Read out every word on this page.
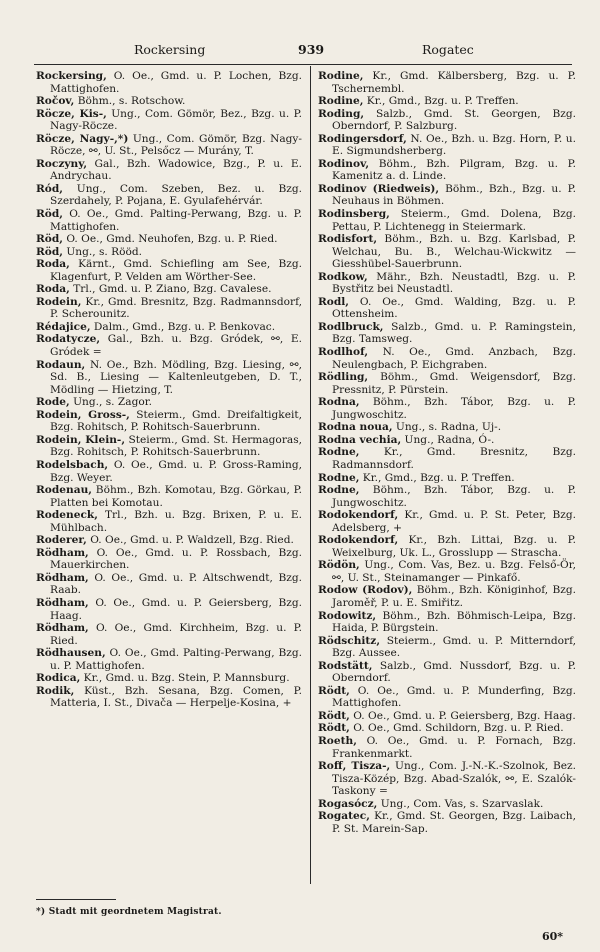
Rockersing	939	Rogatec
Rockersing, O. Oe., Gmd. u. P. Lochen, Bzg. Mattighofen.
Ročov, Böhm., s. Rotschow.
Röcze, Kis-, Ung., Com. Gömör, Bez., Bzg. u. P. Nagy-Röcze.
Röcze, Nagy-,*) Ung., Com. Gömör, Bzg. Nagy-Röcze, ⚯, U. St., Pelsőcz — Murány, T.
Roczyny, Gal., Bzh. Wadowice, Bzg., P. u. E. Andrychau.
Ród, Ung., Com. Szeben, Bez. u. Bzg. Szerdahely, P. Pojana, E. Gyulafehérvár.
Röd, O. Oe., Gmd. Palting-Perwang, Bzg. u. P. Mattighofen.
Röd, O. Oe., Gmd. Neuhofen, Bzg. u. P. Ried.
Röd, Ung., s. Rööd.
Roda, Kärnt., Gmd. Schiefling am See, Bzg. Klagenfurt, P. Velden am Wörther-See.
Roda, Trl., Gmd. u. P. Ziano, Bzg. Cavalese.
Rodein, Kr., Gmd. Bresnitz, Bzg. Radmannsdorf, P. Scherounitz.
Rédajice, Dalm., Gmd., Bzg. u. P. Benkovac.
Rodatycze, Gal., Bzh. u. Bzg. Gródek, ⚯, E. Gródek =
Rodaun, N. Oe., Bzh. Mödling, Bzg. Liesing, ⚯, Sd. B., Liesing — Kaltenleutgeben, D. T., Mödling — Hietzing, T.
Rode, Ung., s. Zagor.
Rodein, Gross-, Steierm., Gmd. Dreifaltigkeit, Bzg. Rohitsch, P. Rohitsch-Sauerbrunn.
Rodein, Klein-, Steierm., Gmd. St. Hermagoras, Bzg. Rohitsch, P. Rohitsch-Sauerbrunn.
Rodelsbach, O. Oe., Gmd. u. P. Gross-Raming, Bzg. Weyer.
Rodenau, Böhm., Bzh. Komotau, Bzg. Görkau, P. Platten bei Komotau.
Rodeneck, Trl., Bzh. u. Bzg. Brixen, P. u. E. Mühlbach.
Roderer, O. Oe., Gmd. u. P. Waldzell, Bzg. Ried.
Rödham, O. Oe., Gmd. u. P. Rossbach, Bzg. Mauerkirchen.
Rödham, O. Oe., Gmd. u. P. Altschwendt, Bzg. Raab.
Rödham, O. Oe., Gmd. u. P. Geiersberg, Bzg. Haag.
Rödham, O. Oe., Gmd. Kirchheim, Bzg. u. P. Ried.
Rödhausen, O. Oe., Gmd. Palting-Perwang, Bzg. u. P. Mattighofen.
Rodica, Kr., Gmd. u. Bzg. Stein, P. Mannsburg.
Rodik, Küst., Bzh. Sesana, Bzg. Comen, P. Matteria, I. St., Divača — Herpelje-Kosina, +
Rodine, Kr., Gmd. Kälbersberg, Bzg. u. P. Tschernembl.
Rodine, Kr., Gmd., Bzg. u. P. Treffen.
Roding, Salzb., Gmd. St. Georgen, Bzg. Oberndorf, P. Salzburg.
Rodingersdorf, N. Oe., Bzh. u. Bzg. Horn, P. u. E. Sigmundsherberg.
Rodinov, Böhm., Bzh. Pilgram, Bzg. u. P. Kamenitz a. d. Linde.
Rodinov (Riedweis), Böhm., Bzh., Bzg. u. P. Neuhaus in Böhmen.
Rodinsberg, Steierm., Gmd. Dolena, Bzg. Pettau, P. Lichtenegg in Steiermark.
Rodisfort, Böhm., Bzh. u. Bzg. Karlsbad, P. Welchau, Bu. B., Welchau-Wickwitz — Giesshübel-Sauerbrunn.
Rodkow, Mähr., Bzh. Neustadtl, Bzg. u. P. Bystřitz bei Neustadtl.
Rodl, O. Oe., Gmd. Walding, Bzg. u. P. Ottensheim.
Rodlbruck, Salzb., Gmd. u. P. Ramingstein, Bzg. Tamsweg.
Rodlhof, N. Oe., Gmd. Anzbach, Bzg. Neulengbach, P. Eichgraben.
Rödling, Böhm., Gmd. Weigensdorf, Bzg. Pressnitz, P. Pürstein.
Rodna, Böhm., Bzh. Tábor, Bzg. u. P. Jungwoschitz.
Rodna noua, Ung., s. Radna, Uj-.
Rodna vechia, Ung., Radna, Ó-.
Rodne, Kr., Gmd. Bresnitz, Bzg. Radmannsdorf.
Rodne, Kr., Gmd., Bzg. u. P. Treffen.
Rodne, Böhm., Bzh. Tábor, Bzg. u. P. Jungwoschitz.
Rodokendorf, Kr., Gmd. u. P. St. Peter, Bzg. Adelsberg, +
Rodokendorf, Kr., Bzh. Littai, Bzg. u. P. Weixelburg, Uk. L., Grosslupp — Strascha.
Rödön, Ung., Com. Vas, Bez. u. Bzg. Felső-Ör, ⚯, U. St., Steinamanger — Pinkafő.
Rodow (Rodov), Böhm., Bzh. Königinhof, Bzg. Jaroměř, P. u. E. Smiřitz.
Rodowitz, Böhm., Bzh. Böhmisch-Leipa, Bzg. Haida, P. Bürgstein.
Rödschitz, Steierm., Gmd. u. P. Mitterndorf, Bzg. Aussee.
Rodstätt, Salzb., Gmd. Nussdorf, Bzg. u. P. Oberndorf.
Rödt, O. Oe., Gmd. u. P. Munderfing, Bzg. Mattighofen.
Rödt, O. Oe., Gmd. u. P. Geiersberg, Bzg. Haag.
Rödt, O. Oe., Gmd. Schildorn, Bzg. u. P. Ried.
Roeth, O. Oe., Gmd. u. P. Fornach, Bzg. Frankenmarkt.
Roff, Tisza-, Ung., Com. J.-N.-K.-Szolnok, Bez. Tisza-Közép, Bzg. Abad-Szalók, ⚯, E. Szalók-Taskony =
Rogasócz, Ung., Com. Vas, s. Szarvaslak.
Rogatec, Kr., Gmd. St. Georgen, Bzg. Laibach, P. St. Marein-Sap.
*) Stadt mit geordnetem Magistrat.
60*
